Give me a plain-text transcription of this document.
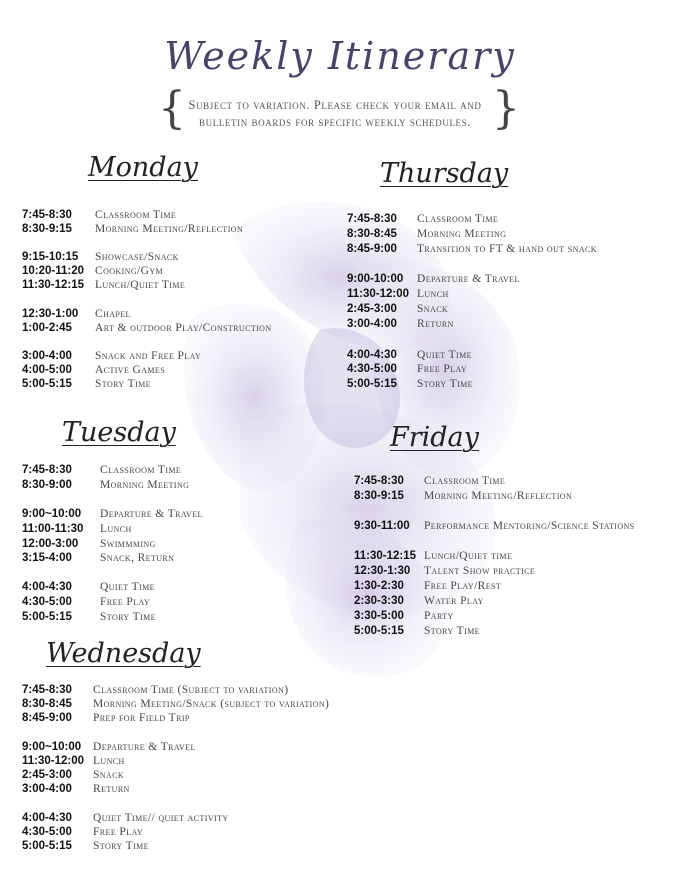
Weekly Itinerary
{ Subject to variation. Please check your email and
bulletin boards for specific weekly schedules. }
Monday
7:45-8:30 Classroom Time
8:30-9:15 Morning Meeting/Reflection
9:15-10:15 Showcase/Snack
10:20-11:20 Cooking/Gym
11:30-12:15 Lunch/Quiet Time
12:30-1:00 Chapel
1:00-2:45 Art & outdoor Play/Construction
3:00-4:00 Snack and Free Play
4:00-5:00 Active Games
5:00-5:15 Story Time
Tuesday
7:45-8:30 Classroom Time
8:30-9:00 Morning Meeting
9:00~10:00 Departure & Travel
11:00-11:30 Lunch
12:00-3:00 Swimmming
3:15-4:00 Snack, Return
4:00-4:30 Quiet Time
4:30-5:00 Free Play
5:00-5:15 Story Time
Wednesday
7:45-8:30 Classroom Time (Subject to variation)
8:30-8:45 Morning Meeting/Snack (subject to variation)
8:45-9:00 Prep for Field Trip
9:00~10:00 Departure & Travel
11:30-12:00 Lunch
2:45-3:00 Snack
3:00-4:00 Return
4:00-4:30 Quiet Time// quiet activity
4:30-5:00 Free Play
5:00-5:15 Story Time
Thursday
7:45-8:30 Classroom Time
8:30-8:45 Morning Meeting
8:45-9:00 Transition to FT & hand out snack
9:00-10:00 Departure & Travel
11:30-12:00 Lunch
2:45-3:00 Snack
3:00-4:00 Return
4:00-4:30 Quiet Time
4:30-5:00 Free Play
5:00-5:15 Story Time
Friday
7:45-8:30 Classroom Time
8:30-9:15 Morning Meeting/Reflection
9:30-11:00 Performance Mentoring/Science Stations
11:30-12:15 Lunch/Quiet time
12:30-1:30 Talent Show practice
1:30-2:30 Free Play/Rest
2:30-3:30 Water Play
3:30-5:00 Party
5:00-5:15 Story Time
